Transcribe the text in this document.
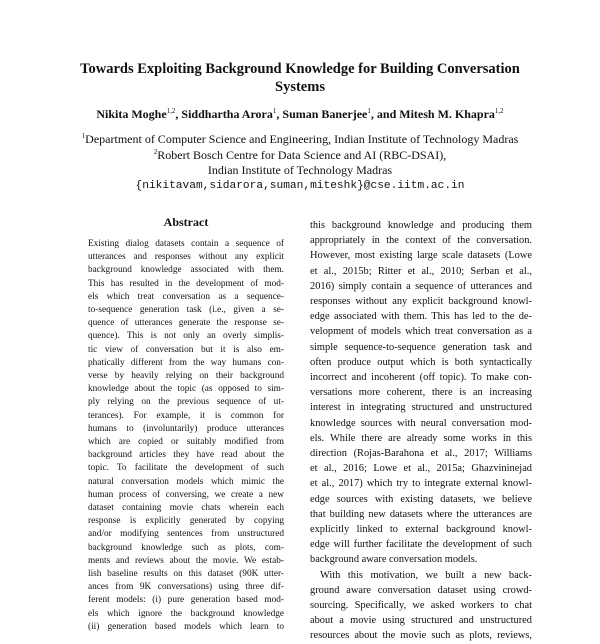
Towards Exploiting Background Knowledge for Building Conversation
Systems
Nikita Moghe$^{1,2}$, Siddhartha Arora$^1$, Suman Banerjee$^1$, and Mitesh M. Khapra$^{1,2}$
$^1$Department of Computer Science and Engineering, Indian Institute of Technology Madras
$^2$Robert Bosch Centre for Data Science and AI (RBC-DSAI),
Indian Institute of Technology Madras
{nikitavam,sidarora,suman,miteshk}@cse.iitm.ac.in
Abstract
Existing dialog datasets contain a sequence of
utterances and responses without any explicit
background knowledge associated with them.
This has resulted in the development of mod-
els which treat conversation as a sequence-
to-sequence generation task (i.e., given a se-
quence of utterances generate the response se-
quence). This is not only an overly simplis-
tic view of conversation but it is also em-
phatically different from the way humans con-
verse by heavily relying on their background
knowledge about the topic (as opposed to sim-
ply relying on the previous sequence of ut-
terances). For example, it is common for
humans to (involuntarily) produce utterances
which are copied or suitably modified from
background articles they have read about the
topic. To facilitate the development of such
natural conversation models which mimic the
human process of conversing, we create a new
dataset containing movie chats wherein each
response is explicitly generated by copying
and/or modifying sentences from unstructured
background knowledge such as plots, com-
ments and reviews about the movie. We estab-
lish baseline results on this dataset (90K utter-
ances from 9K conversations) using three dif-
ferent models: (i) pure generation based mod-
els which ignore the background knowledge
(ii) generation based models which learn to
this background knowledge and producing them
appropriately in the context of the conversation.
However, most existing large scale datasets (Lowe
et al., 2015b; Ritter et al., 2010; Serban et al.,
2016) simply contain a sequence of utterances and
responses without any explicit background knowl-
edge associated with them. This has led to the de-
velopment of models which treat conversation as a
simple sequence-to-sequence generation task and
often produce output which is both syntactically
incorrect and incoherent (off topic). To make con-
versations more coherent, there is an increasing
interest in integrating structured and unstructured
knowledge sources with neural conversation mod-
els. While there are already some works in this
direction (Rojas-Barahona et al., 2017; Williams
et al., 2016; Lowe et al., 2015a; Ghazvininejad
et al., 2017) which try to integrate external knowl-
edge sources with existing datasets, we believe
that building new datasets where the utterances are
explicitly linked to external background knowl-
edge will further facilitate the development of such
background aware conversation models.
With this motivation, we built a new back-
ground aware conversation dataset using crowd-
sourcing. Specifically, we asked workers to chat
about a movie using structured and unstructured
resources about the movie such as plots, reviews,
